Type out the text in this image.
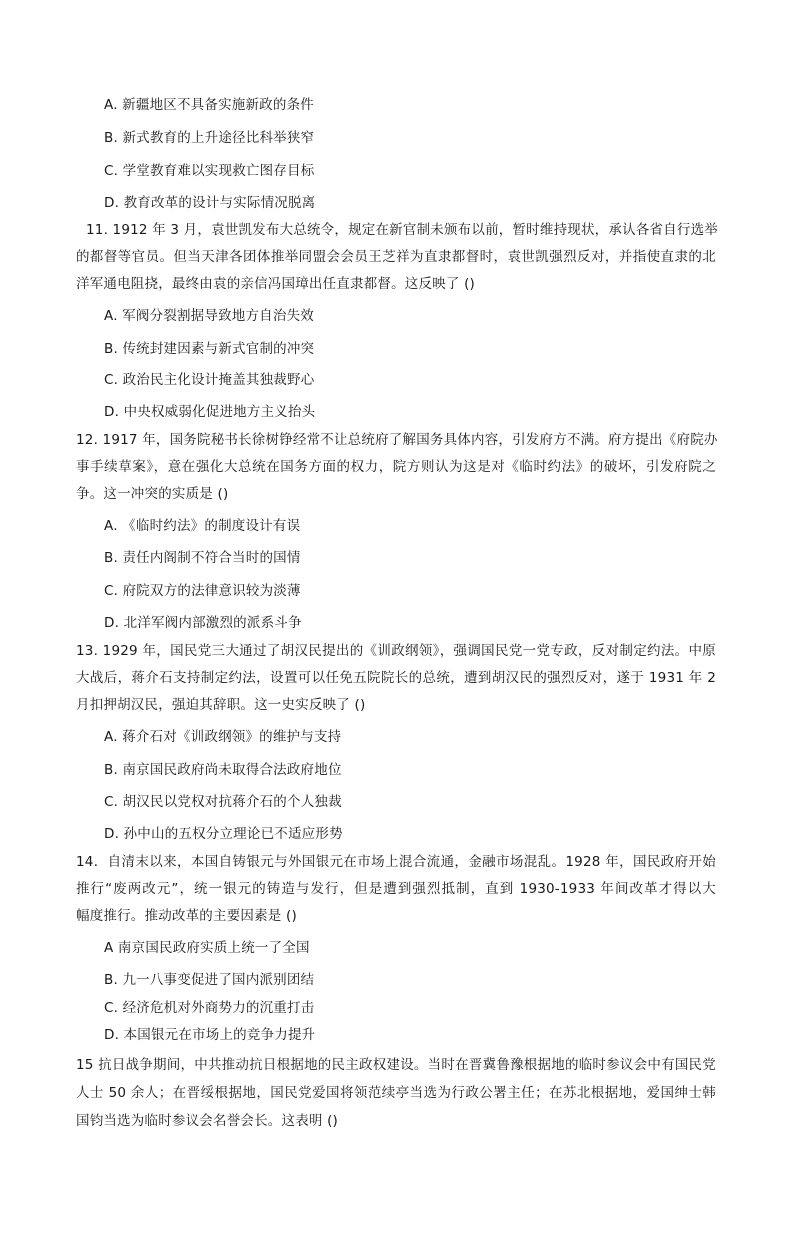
A. 新疆地区不具备实施新政的条件
B. 新式教育的上升途径比科举狭窄
C. 学堂教育难以实现救亡图存目标
D. 教育改革的设计与实际情况脱离
11. 1912 年 3 月，袁世凯发布大总统令，规定在新官制未颁布以前，暂时维持现状，承认各省自行选举
的都督等官员。但当天津各团体推举同盟会会员王芝祥为直隶都督时，袁世凯强烈反对，并指使直隶的北
洋军通电阻挠，最终由袁的亲信冯国璋出任直隶都督。这反映了 ()
A. 军阀分裂割据导致地方自治失效
B. 传统封建因素与新式官制的冲突
C. 政治民主化设计掩盖其独裁野心
D. 中央权威弱化促进地方主义抬头
12. 1917 年，国务院秘书长徐树铮经常不让总统府了解国务具体内容，引发府方不满。府方提出《府院办
事手续草案》，意在强化大总统在国务方面的权力，院方则认为这是对《临时约法》的破坏，引发府院之
争。这一冲突的实质是 ()
A. 《临时约法》的制度设计有误
B. 责任内阁制不符合当时的国情
C. 府院双方的法律意识较为淡薄
D. 北洋军阀内部激烈的派系斗争
13. 1929 年，国民党三大通过了胡汉民提出的《训政纲领》，强调国民党一党专政，反对制定约法。中原
大战后，蒋介石支持制定约法，设置可以任免五院院长的总统，遭到胡汉民的强烈反对，遂于 1931 年 2
月扣押胡汉民，强迫其辞职。这一史实反映了 ()
A. 蒋介石对《训政纲领》的维护与支持
B. 南京国民政府尚未取得合法政府地位
C. 胡汉民以党权对抗蒋介石的个人独裁
D. 孙中山的五权分立理论已不适应形势
14．自清末以来，本国自铸银元与外国银元在市场上混合流通，金融市场混乱。1928 年，国民政府开始
推行“废两改元”，统一银元的铸造与发行，但是遭到强烈抵制，直到 1930-1933 年间改革才得以大
幅度推行。推动改革的主要因素是 ()
A 南京国民政府实质上统一了全国
B. 九一八事变促进了国内派别团结
C. 经济危机对外商势力的沉重打击
D. 本国银元在市场上的竞争力提升
15 抗日战争期间，中共推动抗日根据地的民主政权建设。当时在晋冀鲁豫根据地的临时参议会中有国民党
人士 50 余人；在晋绥根据地，国民党爱国将领范续亭当选为行政公署主任；在苏北根据地，爱国绅士韩
国钧当选为临时参议会名誉会长。这表明 ()
